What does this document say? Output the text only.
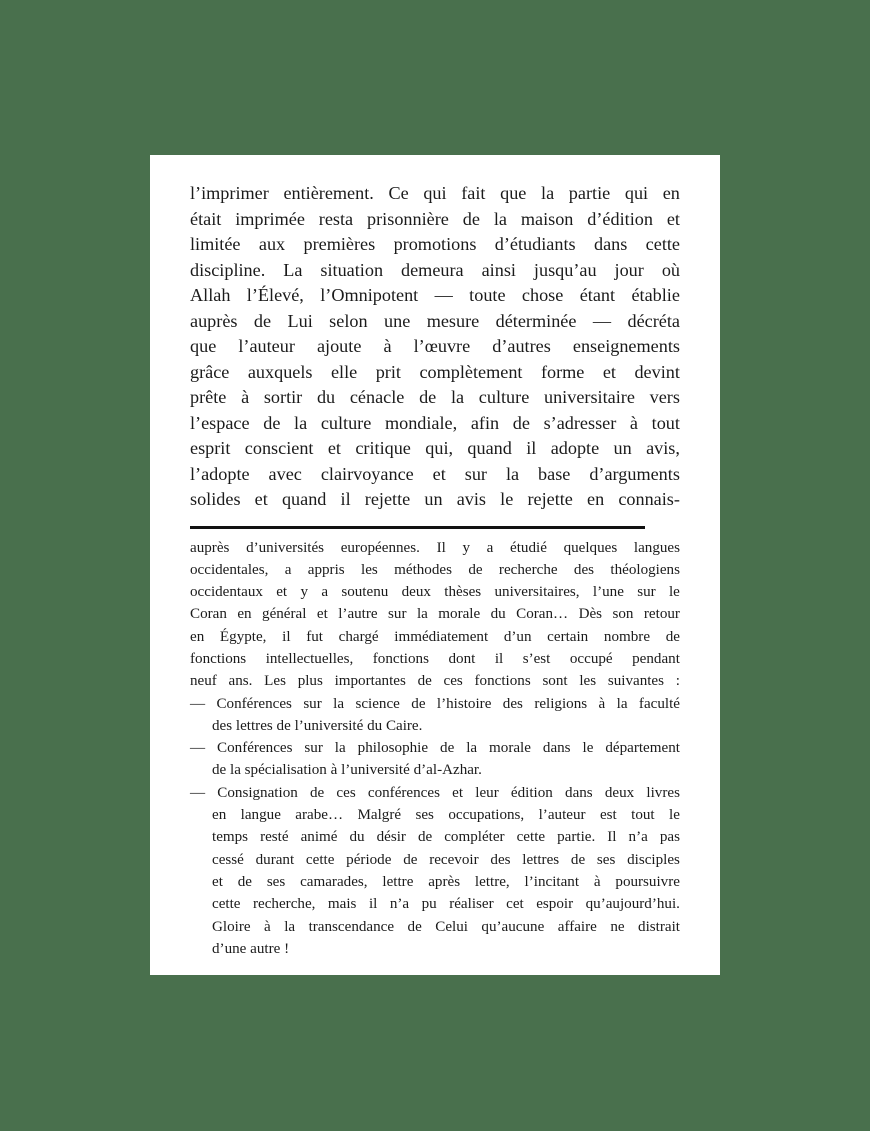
l’imprimer entièrement. Ce qui fait que la partie qui en
était imprimée resta prisonnière de la maison d’édition et
limitée aux premières promotions d’étudiants dans cette
discipline. La situation demeura ainsi jusqu’au jour où
Allah l’Élevé, l’Omnipotent — toute chose étant établie
auprès de Lui selon une mesure déterminée — décréta
que l’auteur ajoute à l’œuvre d’autres enseignements
grâce auxquels elle prit complètement forme et devint
prête à sortir du cénacle de la culture universitaire vers
l’espace de la culture mondiale, afin de s’adresser à tout
esprit conscient et critique qui, quand il adopte un avis,
l’adopte avec clairvoyance et sur la base d’arguments
solides et quand il rejette un avis le rejette en connais-
auprès d’universités européennes. Il y a étudié quelques langues
occidentales, a appris les méthodes de recherche des théologiens
occidentaux et y a soutenu deux thèses universitaires, l’une sur le
Coran en général et l’autre sur la morale du Coran… Dès son retour
en Égypte, il fut chargé immédiatement d’un certain nombre de
fonctions intellectuelles, fonctions dont il s’est occupé pendant
neuf ans. Les plus importantes de ces fonctions sont les suivantes :
— Conférences sur la science de l’histoire des religions à la faculté
des lettres de l’université du Caire.
— Conférences sur la philosophie de la morale dans le département
de la spécialisation à l’université d’al-Azhar.
— Consignation de ces conférences et leur édition dans deux livres
en langue arabe… Malgré ses occupations, l’auteur est tout le
temps resté animé du désir de compléter cette partie. Il n’a pas
cessé durant cette période de recevoir des lettres de ses disciples
et de ses camarades, lettre après lettre, l’incitant à poursuivre
cette recherche, mais il n’a pu réaliser cet espoir qu’aujourd’hui.
Gloire à la transcendance de Celui qu’aucune affaire ne distrait
d’une autre !
